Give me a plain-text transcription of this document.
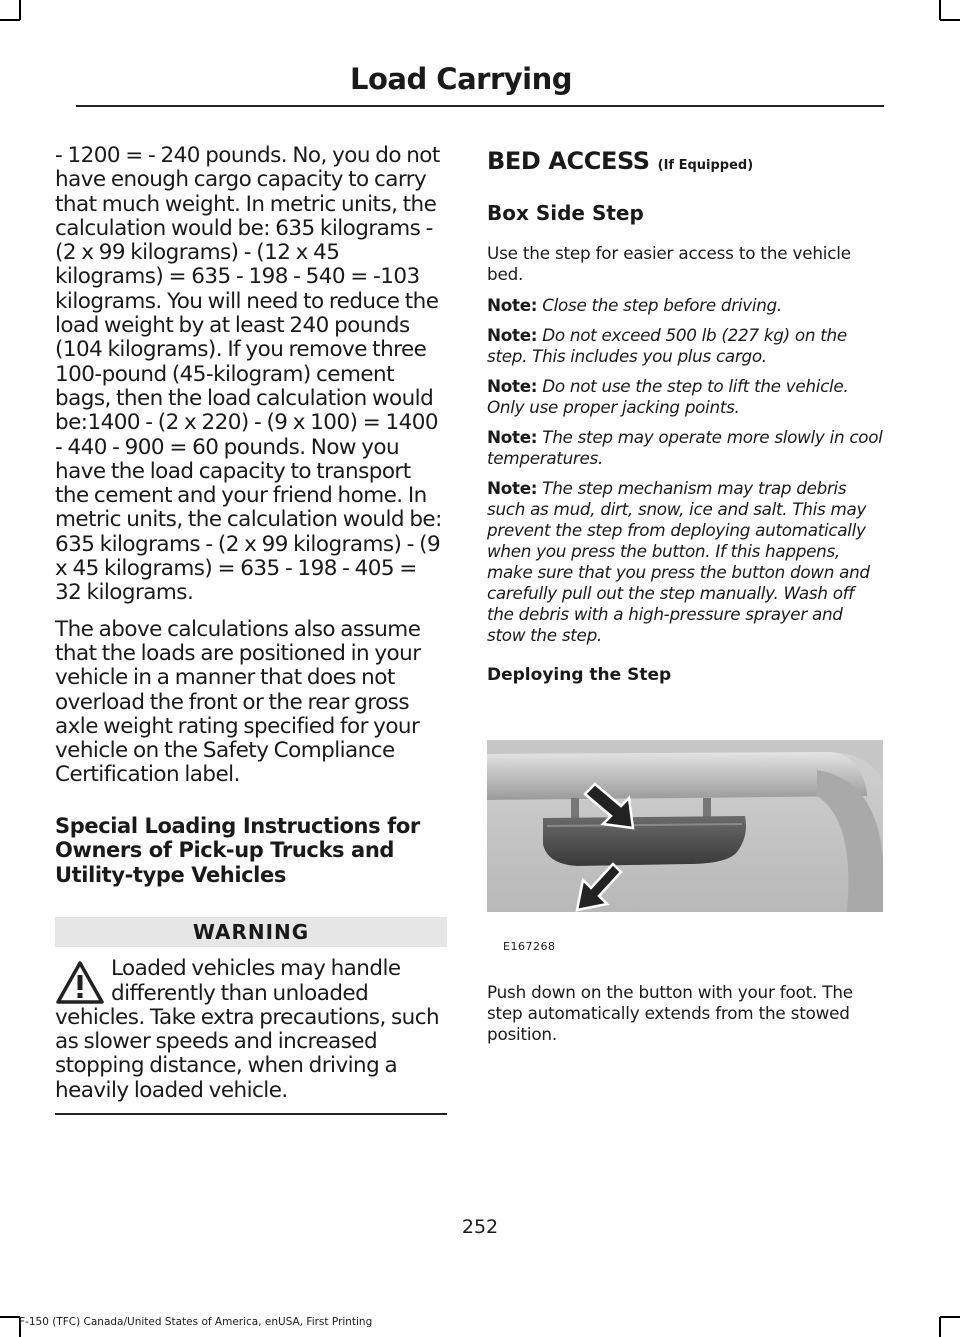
Load Carrying

- 1200 = - 240 pounds. No, you do not have enough cargo capacity to carry that much weight. In metric units, the calculation would be: 635 kilograms - (2 x 99 kilograms) - (12 x 45 kilograms) = 635 - 198 - 540 = -103 kilograms. You will need to reduce the load weight by at least 240 pounds (104 kilograms). If you remove three 100-pound (45-kilogram) cement bags, then the load calculation would be:1400 - (2 x 220) - (9 x 100) = 1400 - 440 - 900 = 60 pounds. Now you have the load capacity to transport the cement and your friend home. In metric units, the calculation would be: 635 kilograms - (2 x 99 kilograms) - (9 x 45 kilograms) = 635 - 198 - 405 = 32 kilograms.

The above calculations also assume that the loads are positioned in your vehicle in a manner that does not overload the front or the rear gross axle weight rating specified for your vehicle on the Safety Compliance Certification label.

Special Loading Instructions for Owners of Pick-up Trucks and Utility-type Vehicles
WARNING

Loaded vehicles may handle differently than unloaded

vehicles. Take extra precautions, such as slower speeds and increased stopping distance, when driving a heavily loaded vehicle.

BED ACCESS (If Equipped)
Box Side Step

Use the step for easier access to the vehicle bed.

Note: Close the step before driving.

Note: Do not exceed 500 lb (227 kg) on the step. This includes you plus cargo.

Note: Do not use the step to lift the vehicle. Only use proper jacking points.

Note: The step may operate more slowly in cool temperatures.

Note: The step mechanism may trap debris such as mud, dirt, snow, ice and salt. This may prevent the step from deploying automatically when you press the button. If this happens, make sure that you press the button down and carefully pull out the step manually. Wash off the debris with a high-pressure sprayer and stow the step.

Deploying the Step
E167268

Push down on the button with your foot. The step automatically extends from the stowed position.

252
F-150 (TFC) Canada/United States of America, enUSA, First Printing
